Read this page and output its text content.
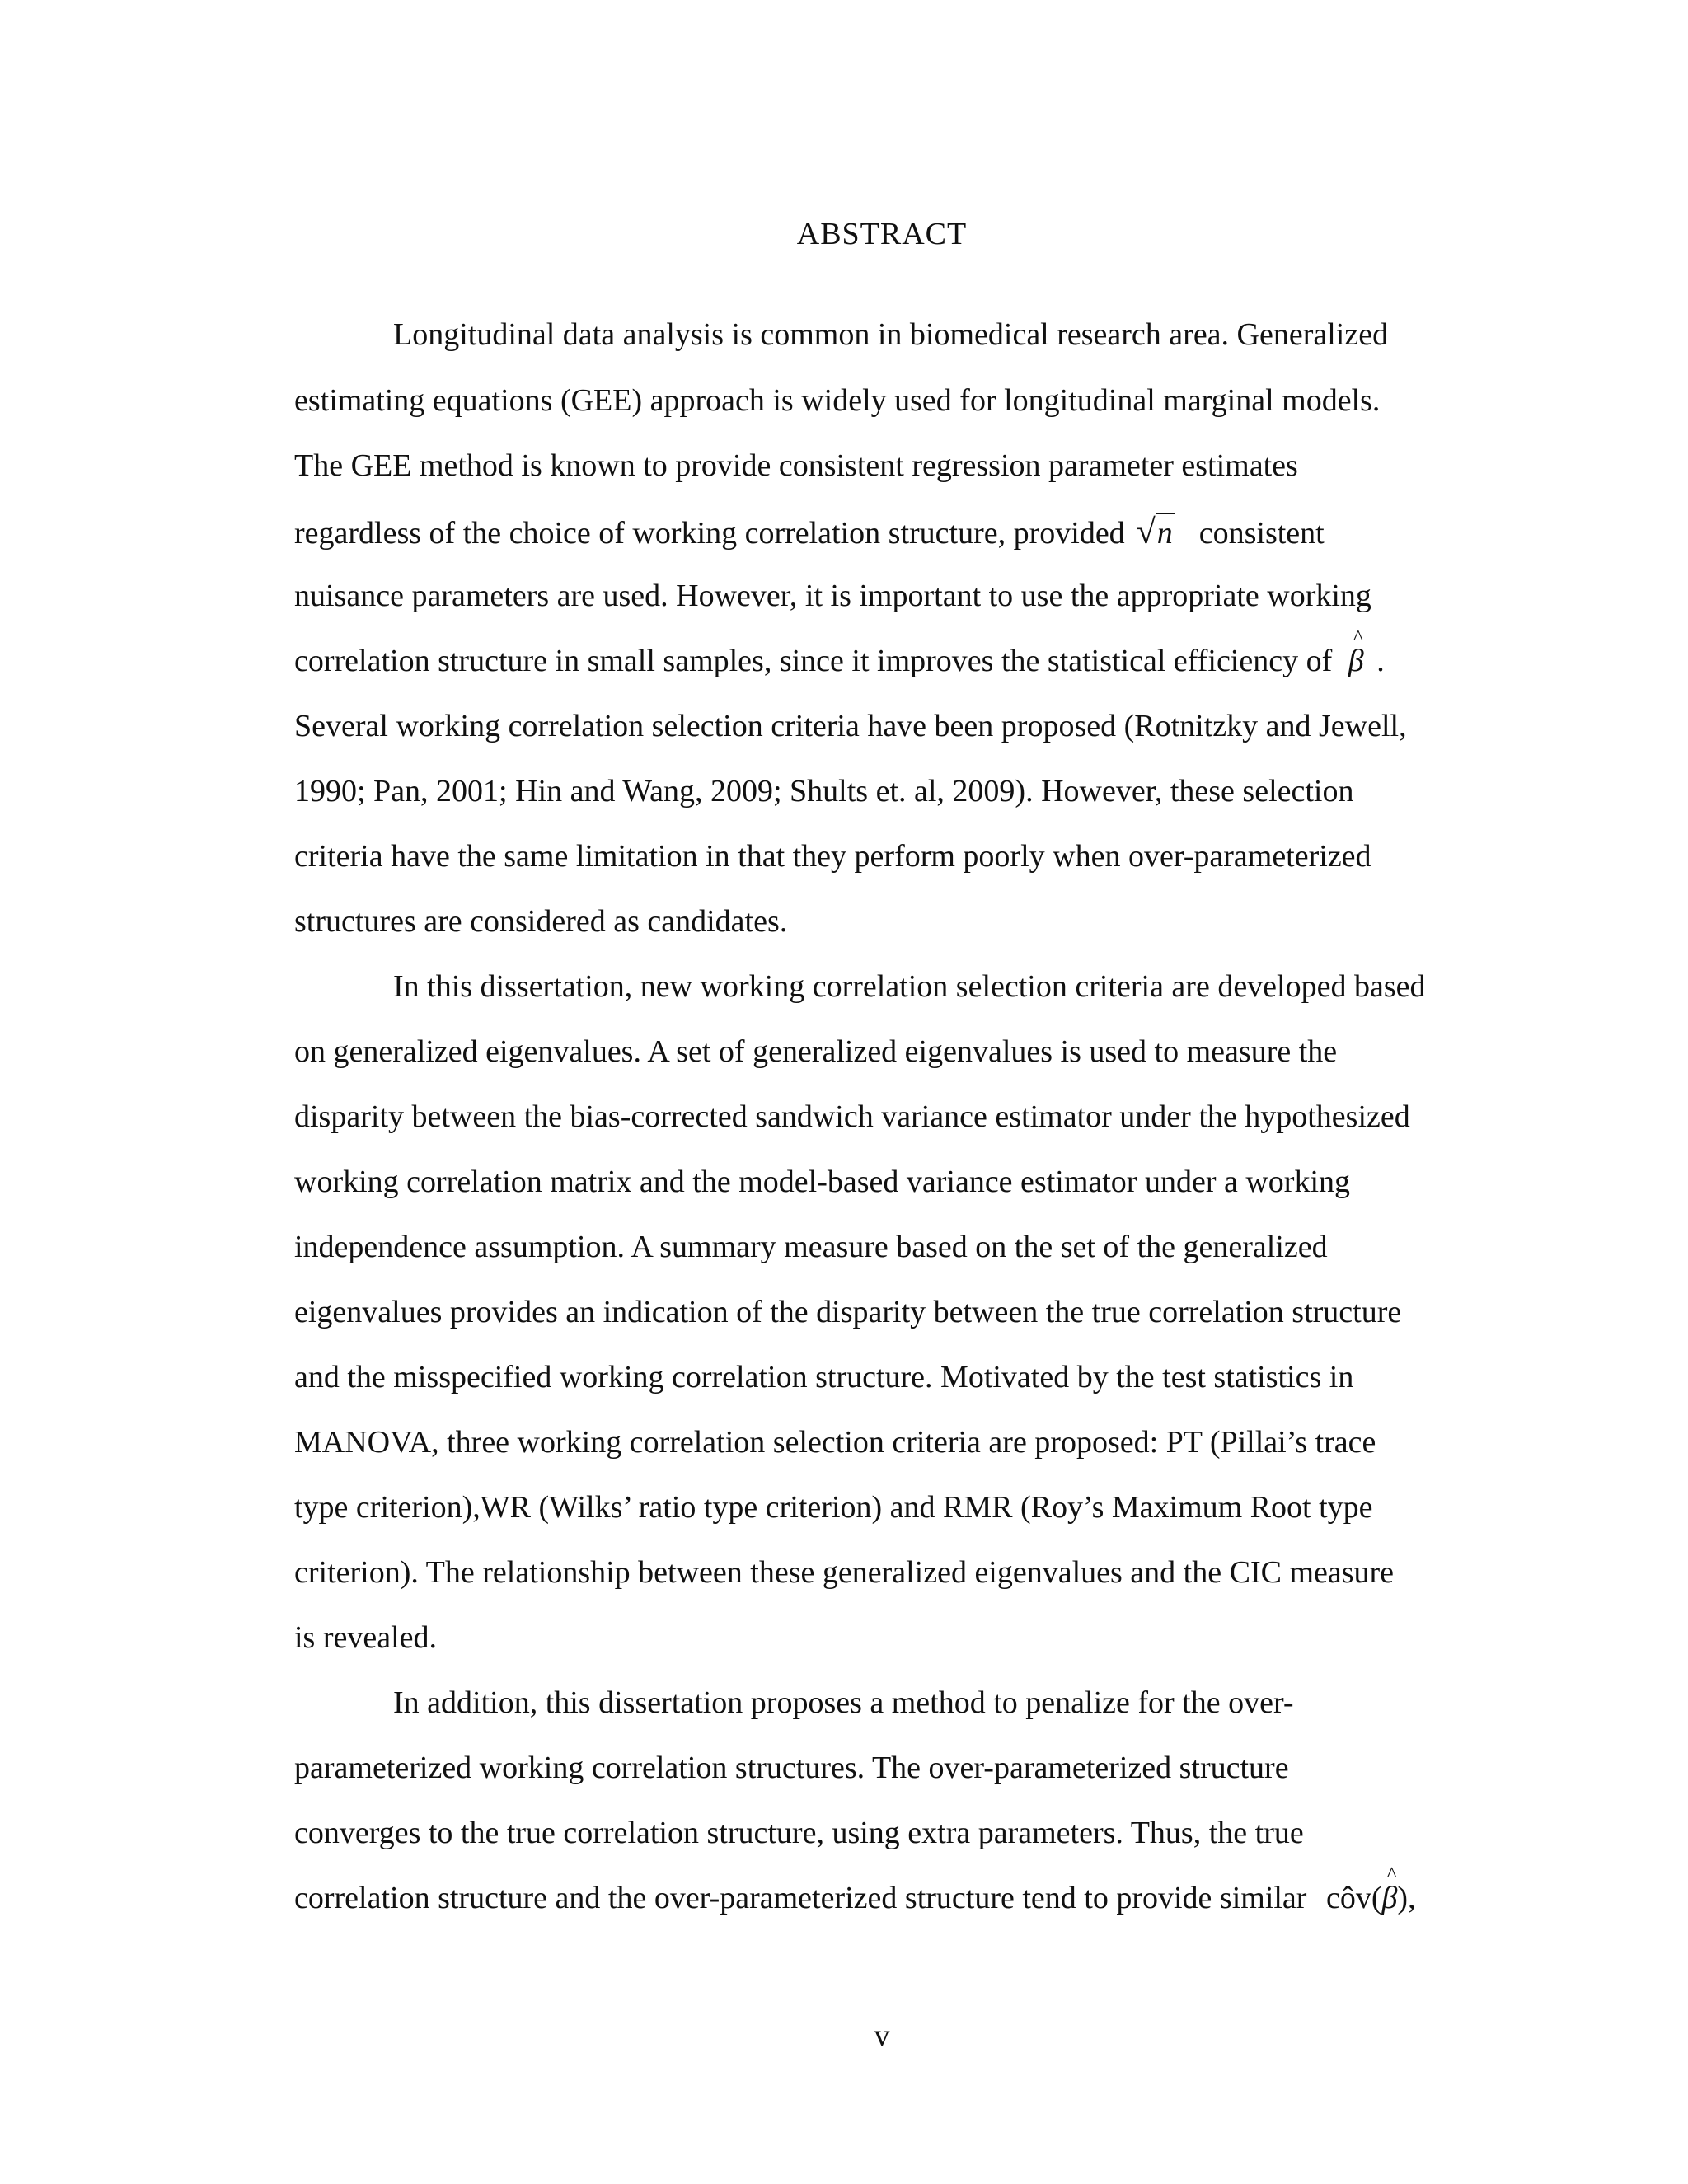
ABSTRACT
Longitudinal data analysis is common in biomedical research area. Generalized
estimating equations (GEE) approach is widely used for longitudinal marginal models.
The GEE method is known to provide consistent regression parameter estimates
regardless of the choice of working correlation structure, provided √n consistent
nuisance parameters are used. However, it is important to use the appropriate working
correlation structure in small samples, since it improves the statistical efficiency of
^
β .
Several working correlation selection criteria have been proposed (Rotnitzky and Jewell,
1990; Pan, 2001; Hin and Wang, 2009; Shults et. al, 2009). However, these selection
criteria have the same limitation in that they perform poorly when over-parameterized
structures are considered as candidates.
In this dissertation, new working correlation selection criteria are developed based
on generalized eigenvalues. A set of generalized eigenvalues is used to measure the
disparity between the bias-corrected sandwich variance estimator under the hypothesized
working correlation matrix and the model-based variance estimator under a working
independence assumption. A summary measure based on the set of the generalized
eigenvalues provides an indication of the disparity between the true correlation structure
and the misspecified working correlation structure. Motivated by the test statistics in
MANOVA, three working correlation selection criteria are proposed: PT (Pillai’s trace
type criterion),WR (Wilks’ ratio type criterion) and RMR (Roy’s Maximum Root type
criterion). The relationship between these generalized eigenvalues and the CIC measure
is revealed.
In addition, this dissertation proposes a method to penalize for the over-
parameterized working correlation structures. The over-parameterized structure
converges to the true correlation structure, using extra parameters. Thus, the true
correlation structure and the over-parameterized structure tend to provide similar côv(
^
β),
v
